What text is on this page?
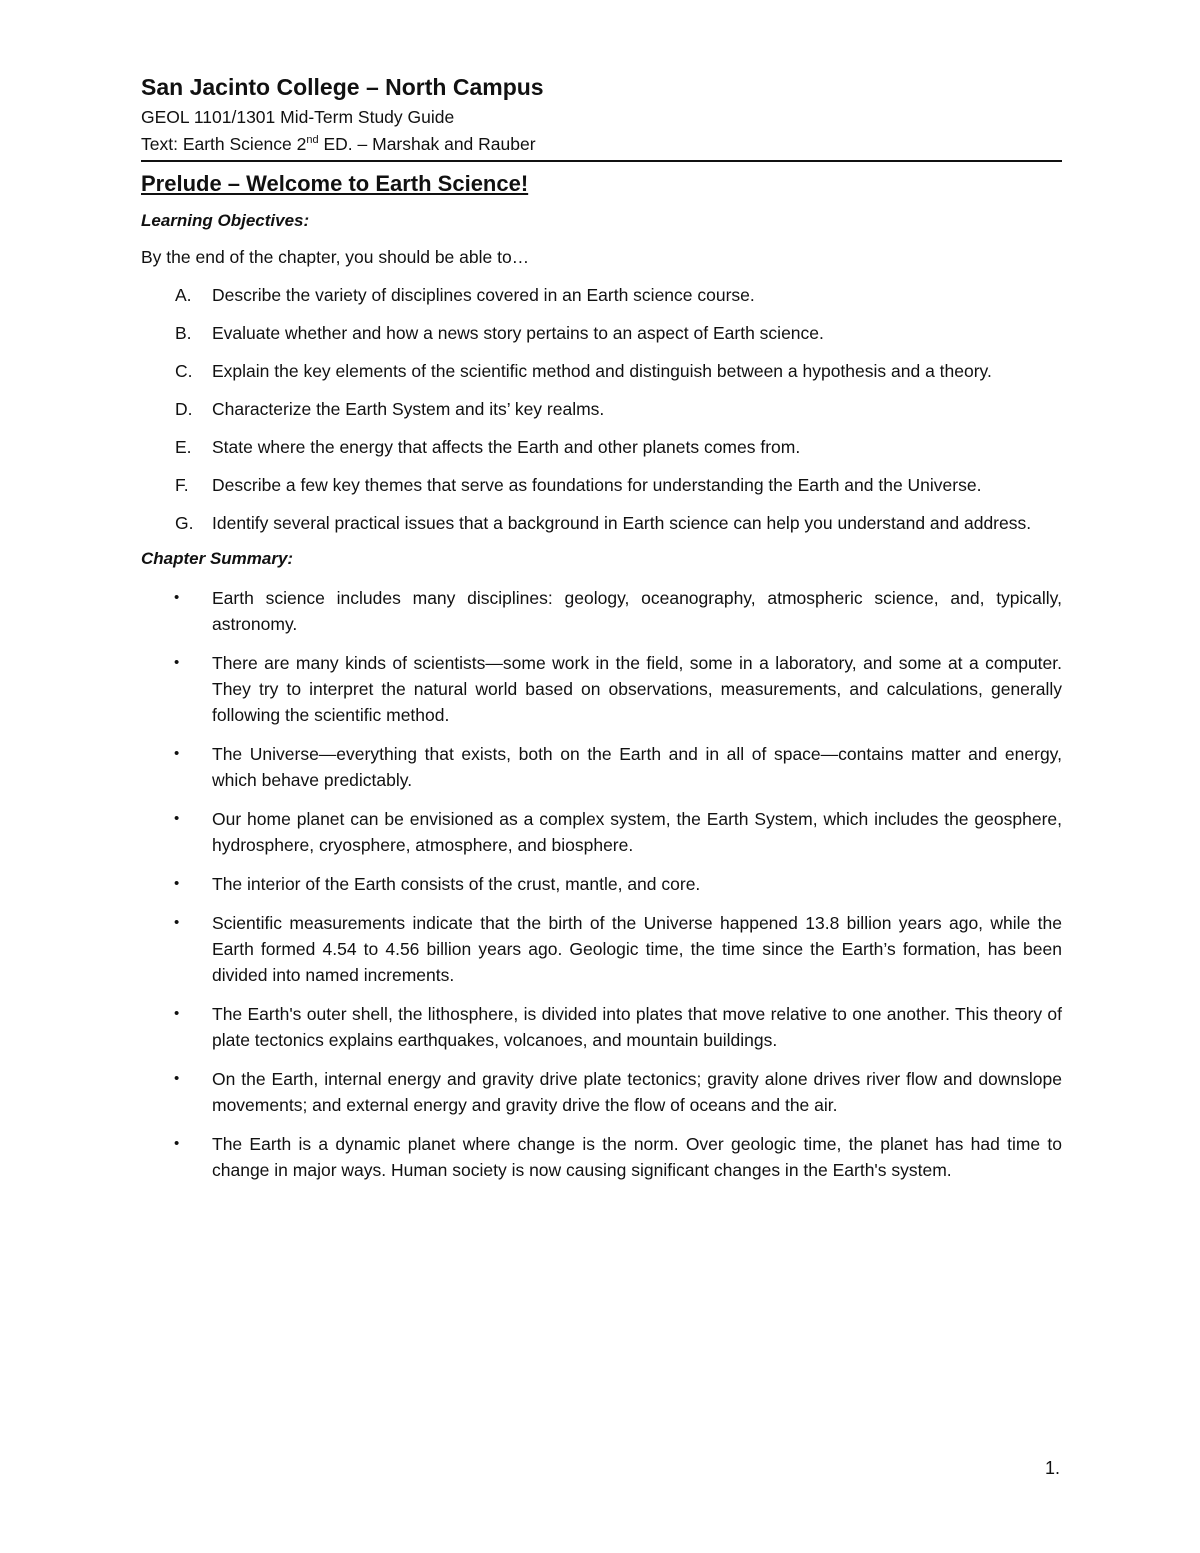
San Jacinto College – North Campus

GEOL 1101/1301 Mid-Term Study Guide

Text: Earth Science 2nd ED. – Marshak and Rauber

Prelude – Welcome to Earth Science!

Learning Objectives:

By the end of the chapter, you should be able to…

A. Describe the variety of disciplines covered in an Earth science course.
B. Evaluate whether and how a news story pertains to an aspect of Earth science.
C. Explain the key elements of the scientific method and distinguish between a hypothesis and a theory.
D. Characterize the Earth System and its’ key realms.
E. State where the energy that affects the Earth and other planets comes from.
F. Describe a few key themes that serve as foundations for understanding the Earth and the Universe.
G. Identify several practical issues that a background in Earth science can help you understand and address.

Chapter Summary:

• Earth science includes many disciplines: geology, oceanography, atmospheric science, and, typically, astronomy.
• There are many kinds of scientists—some work in the field, some in a laboratory, and some at a computer. They try to interpret the natural world based on observations, measurements, and calculations, generally following the scientific method.
• The Universe—everything that exists, both on the Earth and in all of space—contains matter and energy, which behave predictably.
• Our home planet can be envisioned as a complex system, the Earth System, which includes the geosphere, hydrosphere, cryosphere, atmosphere, and biosphere.
• The interior of the Earth consists of the crust, mantle, and core.
• Scientific measurements indicate that the birth of the Universe happened 13.8 billion years ago, while the Earth formed 4.54 to 4.56 billion years ago. Geologic time, the time since the Earth’s formation, has been divided into named increments.
• The Earth's outer shell, the lithosphere, is divided into plates that move relative to one another. This theory of plate tectonics explains earthquakes, volcanoes, and mountain buildings.
• On the Earth, internal energy and gravity drive plate tectonics; gravity alone drives river flow and downslope movements; and external energy and gravity drive the flow of oceans and the air.
• The Earth is a dynamic planet where change is the norm. Over geologic time, the planet has had time to change in major ways. Human society is now causing significant changes in the Earth's system.
1.
